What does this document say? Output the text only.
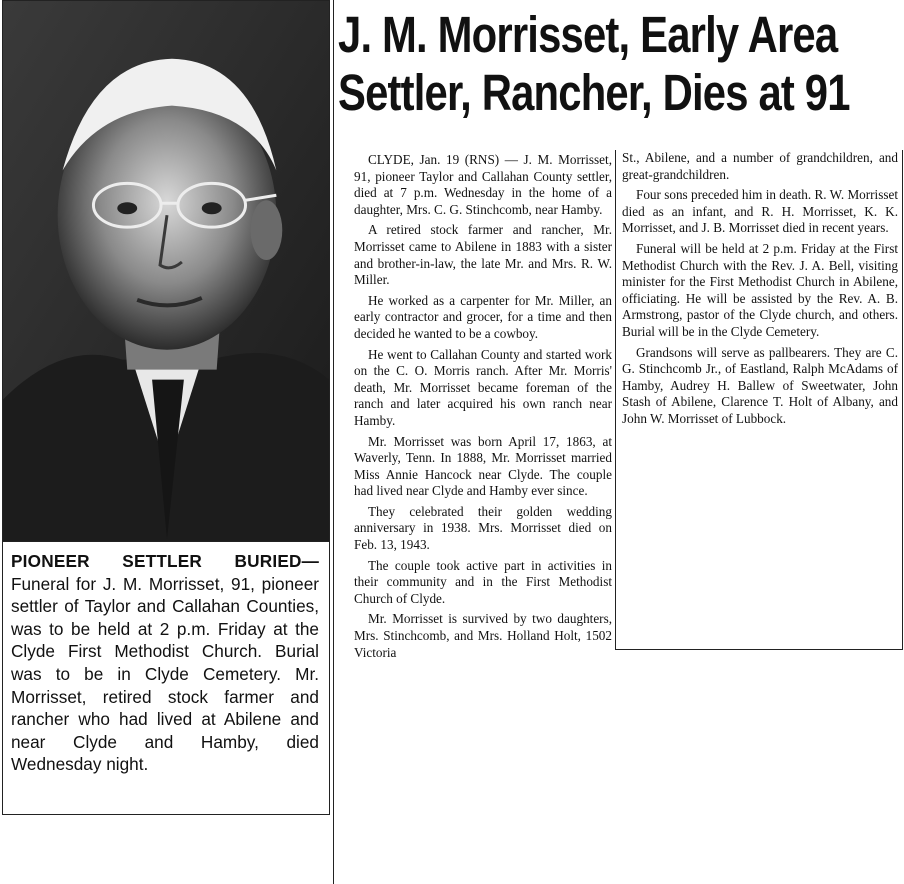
PIONEER SETTLER BURIED— Funeral for J. M. Morrisset, 91, pioneer settler of Taylor and Callahan Counties, was to be held at 2 p.m. Friday at the Clyde First Methodist Church. Burial was to be in Clyde Cemetery. Mr. Morrisset, retired stock farmer and rancher who had lived at Abilene and near Clyde and Hamby, died Wednesday night.

J. M. Morrisset, Early Area
Settler, Rancher, Dies at 91

CLYDE, Jan. 19 (RNS) — J. M. Morrisset, 91, pioneer Taylor and Callahan County settler, died at 7 p.m. Wednesday in the home of a daughter, Mrs. C. G. Stinchcomb, near Hamby.

A retired stock farmer and rancher, Mr. Morrisset came to Abilene in 1883 with a sister and brother-in-law, the late Mr. and Mrs. R. W. Miller.

He worked as a carpenter for Mr. Miller, an early contractor and grocer, for a time and then decided he wanted to be a cowboy.

He went to Callahan County and started work on the C. O. Morris ranch. After Mr. Morris' death, Mr. Morrisset became foreman of the ranch and later acquired his own ranch near Hamby.

Mr. Morrisset was born April 17, 1863, at Waverly, Tenn. In 1888, Mr. Morrisset married Miss Annie Hancock near Clyde. The couple had lived near Clyde and Hamby ever since.

They celebrated their golden wedding anniversary in 1938. Mrs. Morrisset died on Feb. 13, 1943.

The couple took active part in activities in their community and in the First Methodist Church of Clyde.

Mr. Morrisset is survived by two daughters, Mrs. Stinchcomb, and Mrs. Holland Holt, 1502 Victoria

St., Abilene, and a number of grandchildren, and great-grandchildren.

Four sons preceded him in death. R. W. Morrisset died as an infant, and R. H. Morrisset, K. K. Morrisset, and J. B. Morrisset died in recent years.

Funeral will be held at 2 p.m. Friday at the First Methodist Church with the Rev. J. A. Bell, visiting minister for the First Methodist Church in Abilene, officiating. He will be assisted by the Rev. A. B. Armstrong, pastor of the Clyde church, and others. Burial will be in the Clyde Cemetery.

Grandsons will serve as pallbearers. They are C. G. Stinchcomb Jr., of Eastland, Ralph McAdams of Hamby, Audrey H. Ballew of Sweetwater, John Stash of Abilene, Clarence T. Holt of Albany, and John W. Morrisset of Lubbock.
